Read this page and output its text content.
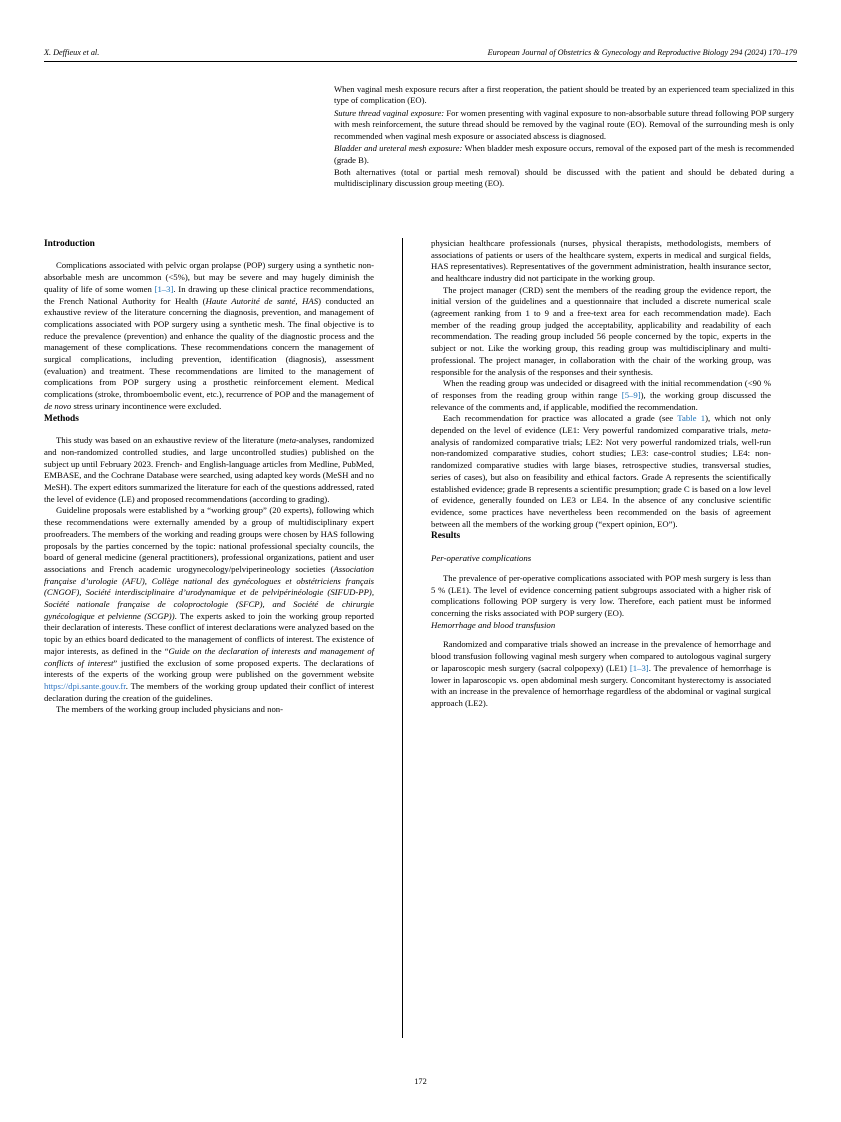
X. Deffieux et al.	European Journal of Obstetrics & Gynecology and Reproductive Biology 294 (2024) 170–179

When vaginal mesh exposure recurs after a first reoperation, the patient should be treated by an experienced team specialized in this type of complication (EO).

Suture thread vaginal exposure: For women presenting with vaginal exposure to non-absorbable suture thread following POP surgery with mesh reinforcement, the suture thread should be removed by the vaginal route (EO). Removal of the surrounding mesh is only recommended when vaginal mesh exposure or associated abscess is diagnosed.

Bladder and ureteral mesh exposure: When bladder mesh exposure occurs, removal of the exposed part of the mesh is recommended (grade B).

Both alternatives (total or partial mesh removal) should be discussed with the patient and should be debated during a multidisciplinary discussion group meeting (EO).

Introduction

Complications associated with pelvic organ prolapse (POP) surgery using a synthetic non-absorbable mesh are uncommon (<5%), but may be severe and may hugely diminish the quality of life of some women [1–3]. In drawing up these clinical practice recommendations, the French National Authority for Health (Haute Autorité de santé, HAS) conducted an exhaustive review of the literature concerning the diagnosis, prevention, and management of complications associated with POP surgery using a synthetic mesh. The final objective is to reduce the prevalence (prevention) and enhance the quality of the diagnostic process and the management of these complications. These recommendations concern the management of surgical complications, including prevention, identification (diagnosis), assessment (evaluation) and treatment. These recommendations are limited to the management of complications from POP surgery using a prosthetic reinforcement element. Medical complications (stroke, thromboembolic event, etc.), recurrence of POP and the management of de novo stress urinary incontinence were excluded.

Methods

This study was based on an exhaustive review of the literature (meta-analyses, randomized and non-randomized controlled studies, and large uncontrolled studies) published on the subject up until February 2023. French- and English-language articles from Medline, PubMed, EMBASE, and the Cochrane Database were searched, using adapted key words (MeSH and no MeSH). The expert editors summarized the literature for each of the questions addressed, rated the level of evidence (LE) and proposed recommendations (according to grading).

Guideline proposals were established by a “working group” (20 experts), following which these recommendations were externally amended by a group of multidisciplinary expert proofreaders. The members of the working and reading groups were chosen by HAS following proposals by the parties concerned by the topic: national professional specialty councils, the board of general medicine (general practitioners), professional organizations, patient and user associations and French academic urogynecology/pelviperineology societies (Association française d’urologie (AFU), Collège national des gynécologues et obstétriciens français (CNGOF), Société interdisciplinaire d’urodynamique et de pelvipérinéologie (SIFUD-PP), Société nationale française de coloproctologie (SFCP), and Société de chirurgie gynécologique et pelvienne (SCGP)). The experts asked to join the working group reported their declaration of interests. These conflict of interest declarations were analyzed based on the topic by an ethics board dedicated to the management of conflicts of interest. The existence of major interests, as defined in the “Guide on the declaration of interests and management of conflicts of interest” justified the exclusion of some proposed experts. The declarations of interests of the experts of the working group were published on the government website https://dpi.sante.gouv.fr. The members of the working group updated their conflict of interest declaration during the creation of the guidelines.

The members of the working group included physicians and non-

physician healthcare professionals (nurses, physical therapists, methodologists, members of associations of patients or users of the healthcare system, experts in medical and surgical fields, HAS representatives). Representatives of the government administration, health insurance sector, and healthcare industry did not participate in the working group.

The project manager (CRD) sent the members of the reading group the evidence report, the initial version of the guidelines and a questionnaire that included a discrete numerical scale (agreement ranking from 1 to 9 and a free-text area for each recommendation made). Each member of the reading group judged the acceptability, applicability and readability of each recommendation. The reading group included 56 people concerned by the topic, experts in the subject or not. Like the working group, this reading group was multidisciplinary and multi-professional. The project manager, in collaboration with the chair of the working group, was responsible for the analysis of the responses and their synthesis.

When the reading group was undecided or disagreed with the initial recommendation (<90 % of responses from the reading group within range [5–9]), the working group discussed the relevance of the comments and, if applicable, modified the recommendation.

Each recommendation for practice was allocated a grade (see Table 1), which not only depended on the level of evidence (LE1: Very powerful randomized comparative trials, meta-analysis of randomized comparative trials; LE2: Not very powerful randomized trials, well-run non-randomized comparative studies, cohort studies; LE3: case-control studies; LE4: non-randomized comparative studies with large biases, retrospective studies, transversal studies, series of cases), but also on feasibility and ethical factors. Grade A represents the scientifically established evidence; grade B represents a scientific presumption; grade C is based on a low level of evidence, generally founded on LE3 or LE4. In the absence of any conclusive scientific evidence, some practices have nevertheless been recommended on the basis of agreement between all the members of the working group (“expert opinion, EO”).

Results
Per-operative complications

The prevalence of per-operative complications associated with POP mesh surgery is less than 5 % (LE1). The level of evidence concerning patient subgroups associated with a higher risk of complications following POP surgery is very low. Therefore, each patient must be informed concerning the risks associated with POP surgery (EO).

Hemorrhage and blood transfusion

Randomized and comparative trials showed an increase in the prevalence of hemorrhage and blood transfusion following vaginal mesh surgery when compared to autologous vaginal surgery or laparoscopic mesh surgery (sacral colpopexy) (LE1) [1–3]. The prevalence of hemorrhage is lower in laparoscopic vs. open abdominal mesh surgery. Concomitant hysterectomy is associated with an increase in the prevalence of hemorrhage regardless of the abdominal or vaginal surgical approach (LE2).

172
